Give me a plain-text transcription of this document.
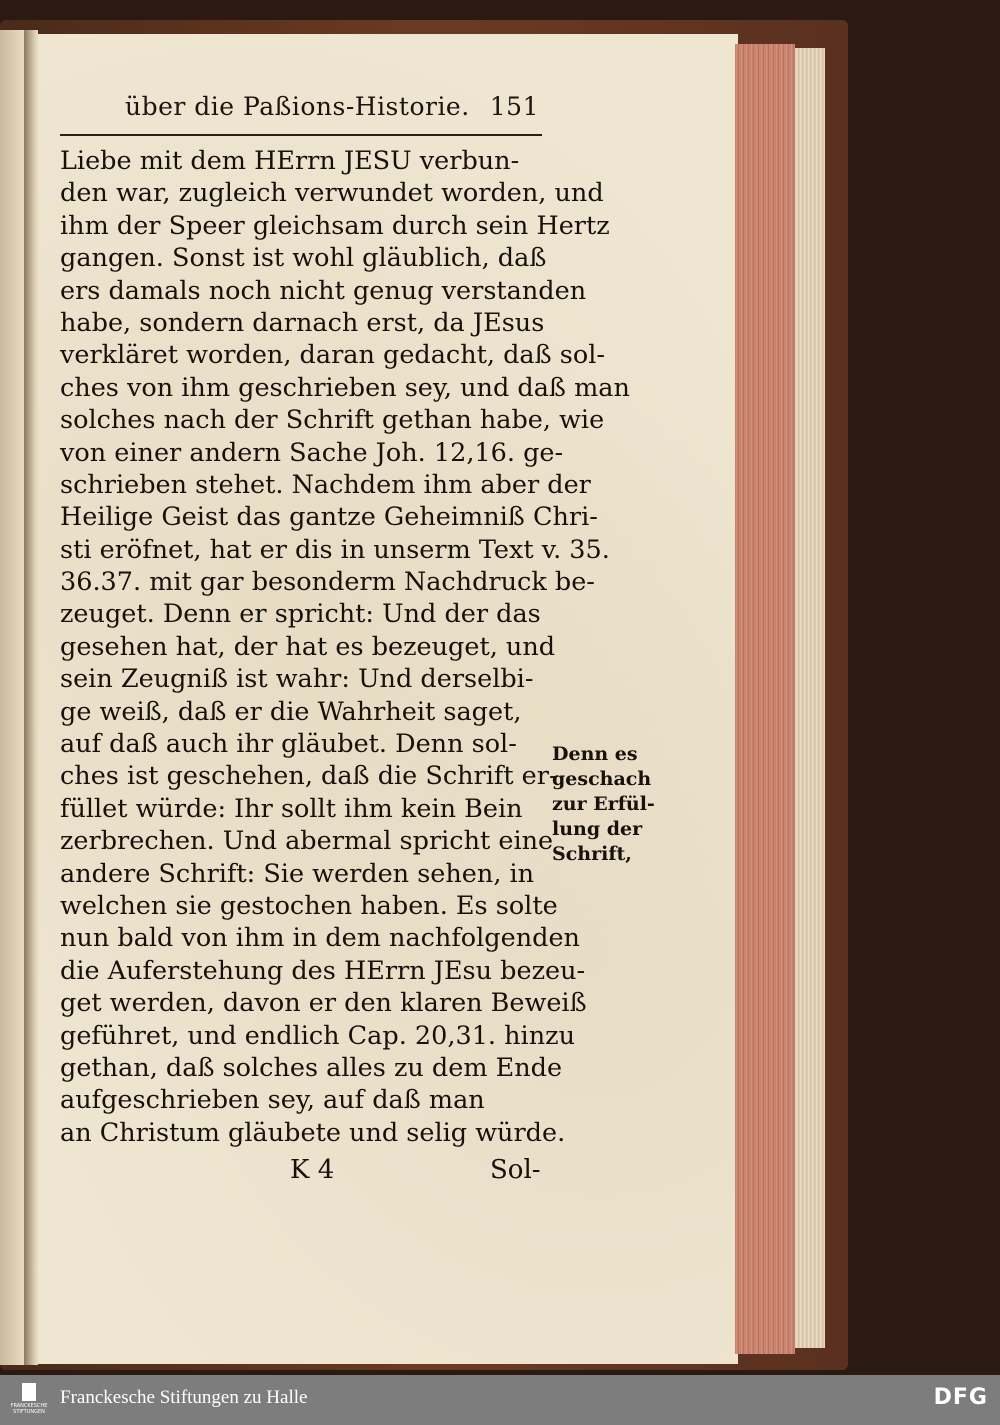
über die Paßions-Historie. 151
Liebe mit dem HErrn JESU verbun-
den war, zugleich verwundet worden, und
ihm der Speer gleichsam durch sein Hertz
gangen. Sonst ist wohl gläublich, daß
ers damals noch nicht genug verstanden
habe, sondern darnach erst, da JEsus
verkläret worden, daran gedacht, daß sol-
ches von ihm geschrieben sey, und daß man
solches nach der Schrift gethan habe, wie
von einer andern Sache Joh. 12,16. ge-
schrieben stehet. Nachdem ihm aber der
Heilige Geist das gantze Geheimniß Chri-
sti eröfnet, hat er dis in unserm Text v. 35.
36.37. mit gar besonderm Nachdruck be-
zeuget. Denn er spricht: Und der das
gesehen hat, der hat es bezeuget, und
sein Zeugniß ist wahr: Und derselbi-
ge weiß, daß er die Wahrheit saget,
auf daß auch ihr gläubet. Denn sol-
ches ist geschehen, daß die Schrift er-
füllet würde: Ihr sollt ihm kein Bein
zerbrechen. Und abermal spricht eine
andere Schrift: Sie werden sehen, in
welchen sie gestochen haben. Es solte
nun bald von ihm in dem nachfolgenden
die Auferstehung des HErrn JEsu bezeu-
get werden, davon er den klaren Beweiß
geführet, und endlich Cap. 20,31. hinzu
gethan, daß solches alles zu dem Ende
aufgeschrieben sey, auf daß man
an Christum gläubete und selig würde.
Denn es
geschach
zur Erfül-
lung der
Schrift,
K 4	Sol-
FRANCKESCHE STIFTUNGEN
Franckesche Stiftungen zu Halle	DFG
